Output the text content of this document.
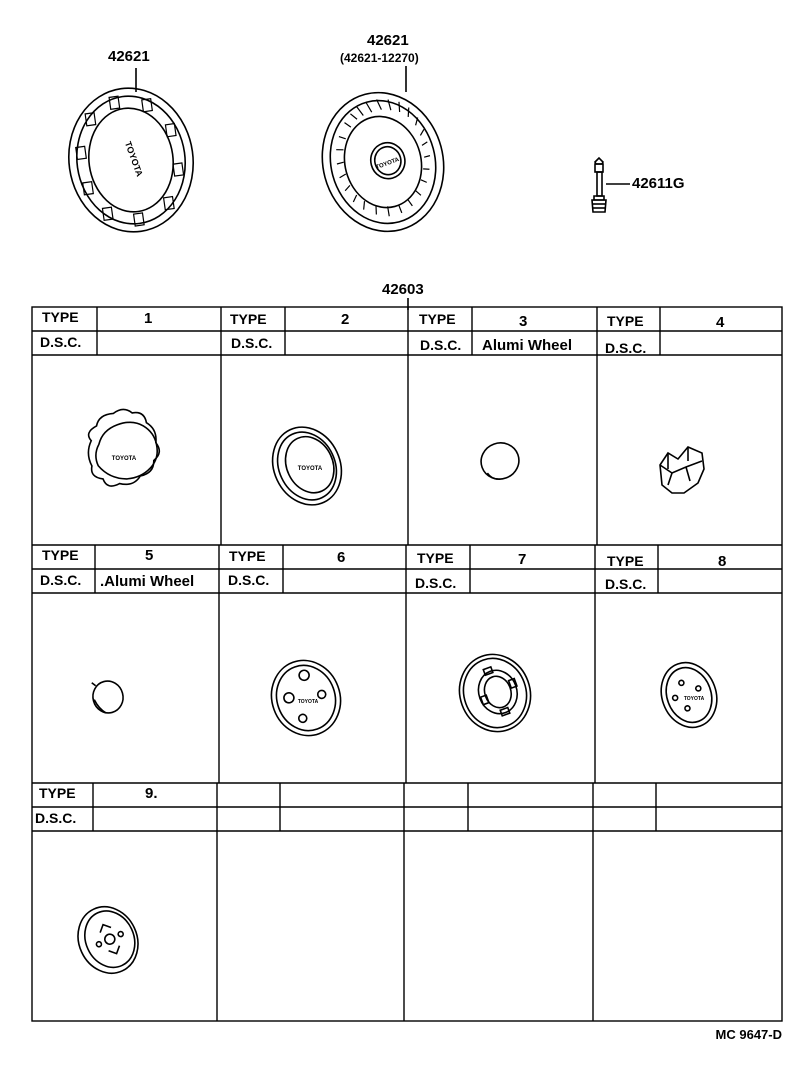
42621
42621
(42621-12270)
42611G
42603
TOYOTA	TOYOTA
TOYOTA
TOYOTA
TOYOTA	TOYOTA
TYPE	1
D.S.C.
TYPE	2
D.S.C.
TYPE	3
D.S.C. Alumi Wheel
TYPE	4
D.S.C.
TYPE	5
D.S.C. .Alumi Wheel
TYPE	6
D.S.C.
TYPE	7
D.S.C.
TYPE	8
D.S.C.
TYPE	9.
D.S.C.
MC 9647-D
